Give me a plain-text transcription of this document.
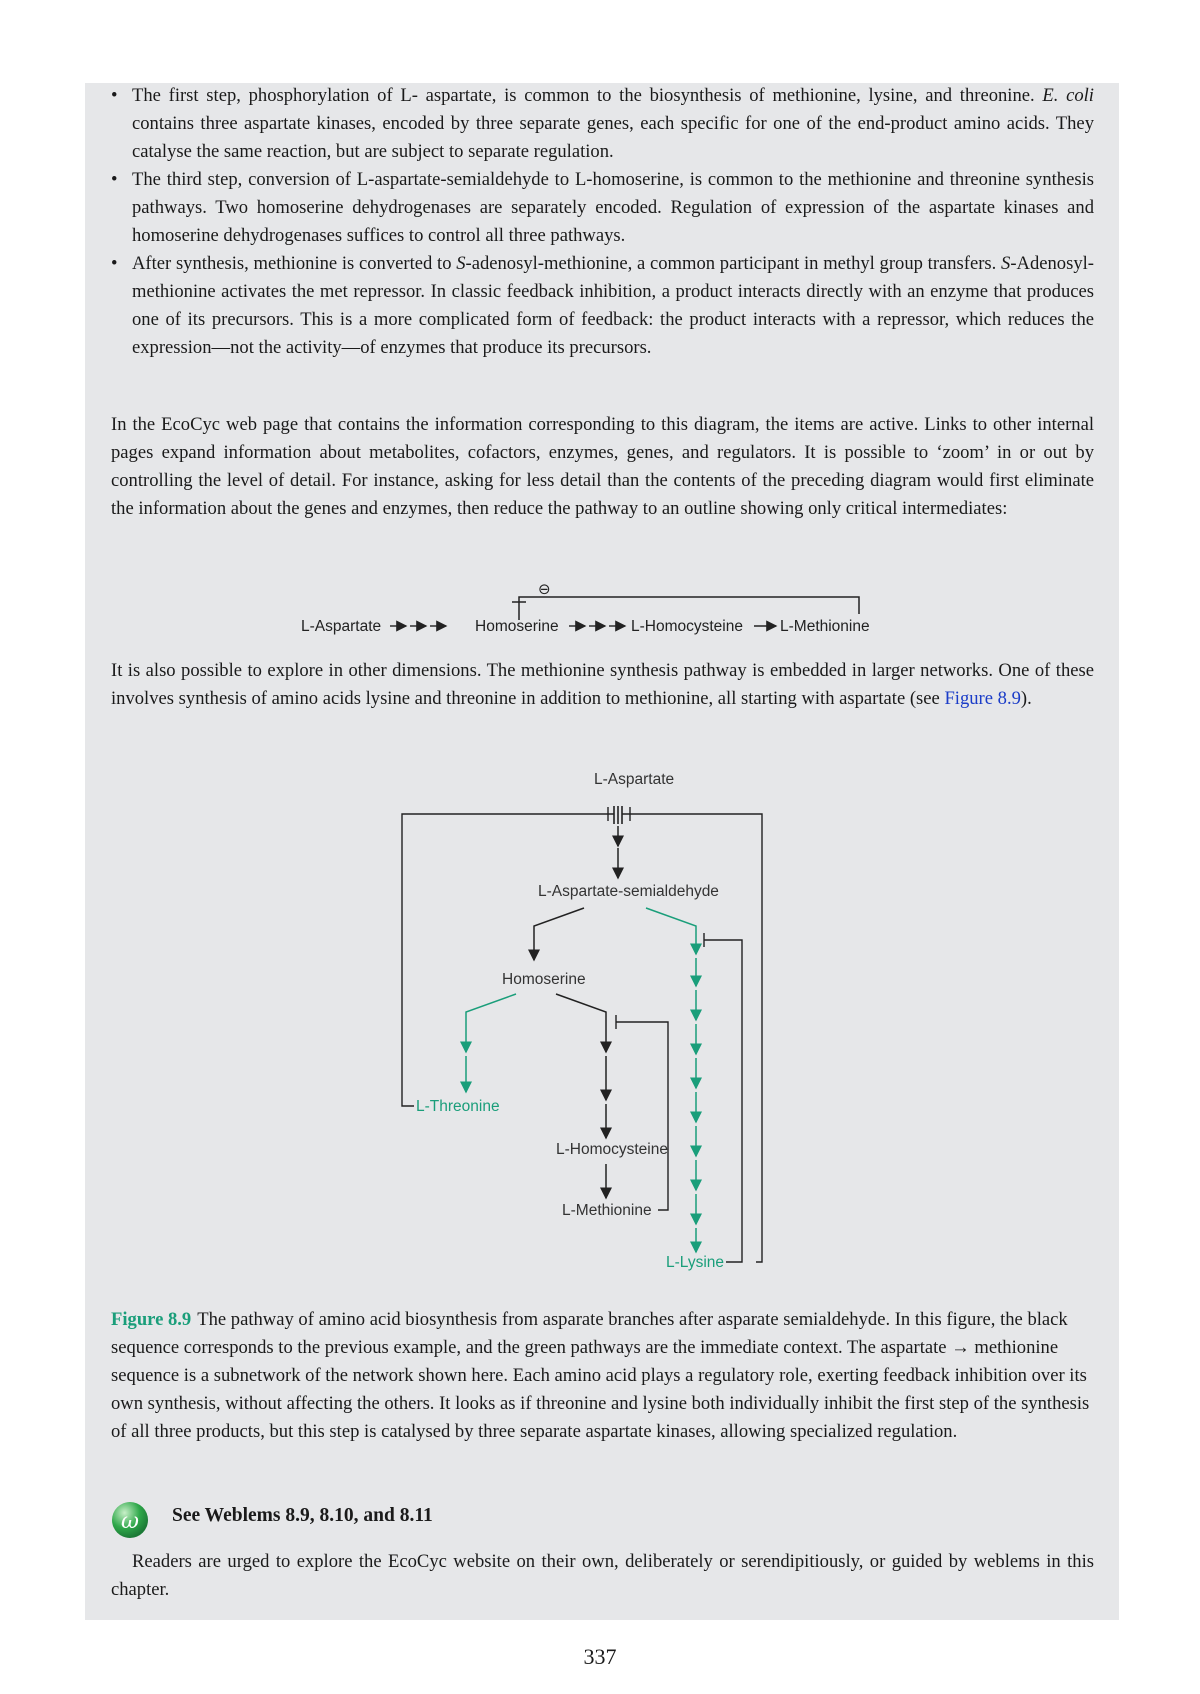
• The first step, phosphorylation of L- aspartate, is common to the biosynthesis of methionine, lysine, and threonine. E. coli contains three aspartate kinases, encoded by three separate genes, each specific for one of the end-product amino acids. They catalyse the same reaction, but are subject to separate regulation.
• The third step, conversion of L-aspartate-semialdehyde to L-homoserine, is common to the methionine and threonine synthesis pathways. Two homoserine dehydrogenases are separately encoded. Regulation of expression of the aspartate kinases and homoserine dehydrogenases suffices to control all three pathways.
• After synthesis, methionine is converted to S-adenosyl-methionine, a common participant in methyl group transfers. S-Adenosyl-methionine activates the met repressor. In classic feedback inhibition, a product interacts directly with an enzyme that produces one of its precursors. This is a more complicated form of feedback: the product interacts with a repressor, which reduces the expression—not the activity—of enzymes that produce its precursors.

In the EcoCyc web page that contains the information corresponding to this diagram, the items are active. Links to other internal pages expand information about metabolites, cofactors, enzymes, genes, and regulators. It is possible to ‘zoom’ in or out by controlling the level of detail. For instance, asking for less detail than the contents of the preceding diagram would first eliminate the information about the genes and enzymes, then reduce the pathway to an outline showing only critical intermediates:

⊖
L-Aspartate	Homoserine	L-Homocysteine L-Methionine

It is also possible to explore in other dimensions. The methionine synthesis pathway is embedded in larger networks. One of these involves synthesis of amino acids lysine and threonine in addition to methionine, all starting with aspartate (see Figure 8.9).

L-Aspartate
L-Aspartate-semialdehyde
Homoserine
L-Threonine
L-Homocysteine
L-Methionine
L-Lysine

Figure 8.9 The pathway of amino acid biosynthesis from asparate branches after asparate semialdehyde. In this figure, the black sequence corresponds to the previous example, and the green pathways are the immediate context. The aspartate → methionine sequence is a subnetwork of the network shown here. Each amino acid plays a regulatory role, exerting feedback inhibition over its own synthesis, without affecting the others. It looks as if threonine and lysine both individually inhibit the first step of the synthesis of all three products, but this step is catalysed by three separate aspartate kinases, allowing specialized regulation.

ω See Weblems 8.9, 8.10, and 8.11

Readers are urged to explore the EcoCyc website on their own, deliberately or serendipitiously, or guided by weblems in this chapter.

337
